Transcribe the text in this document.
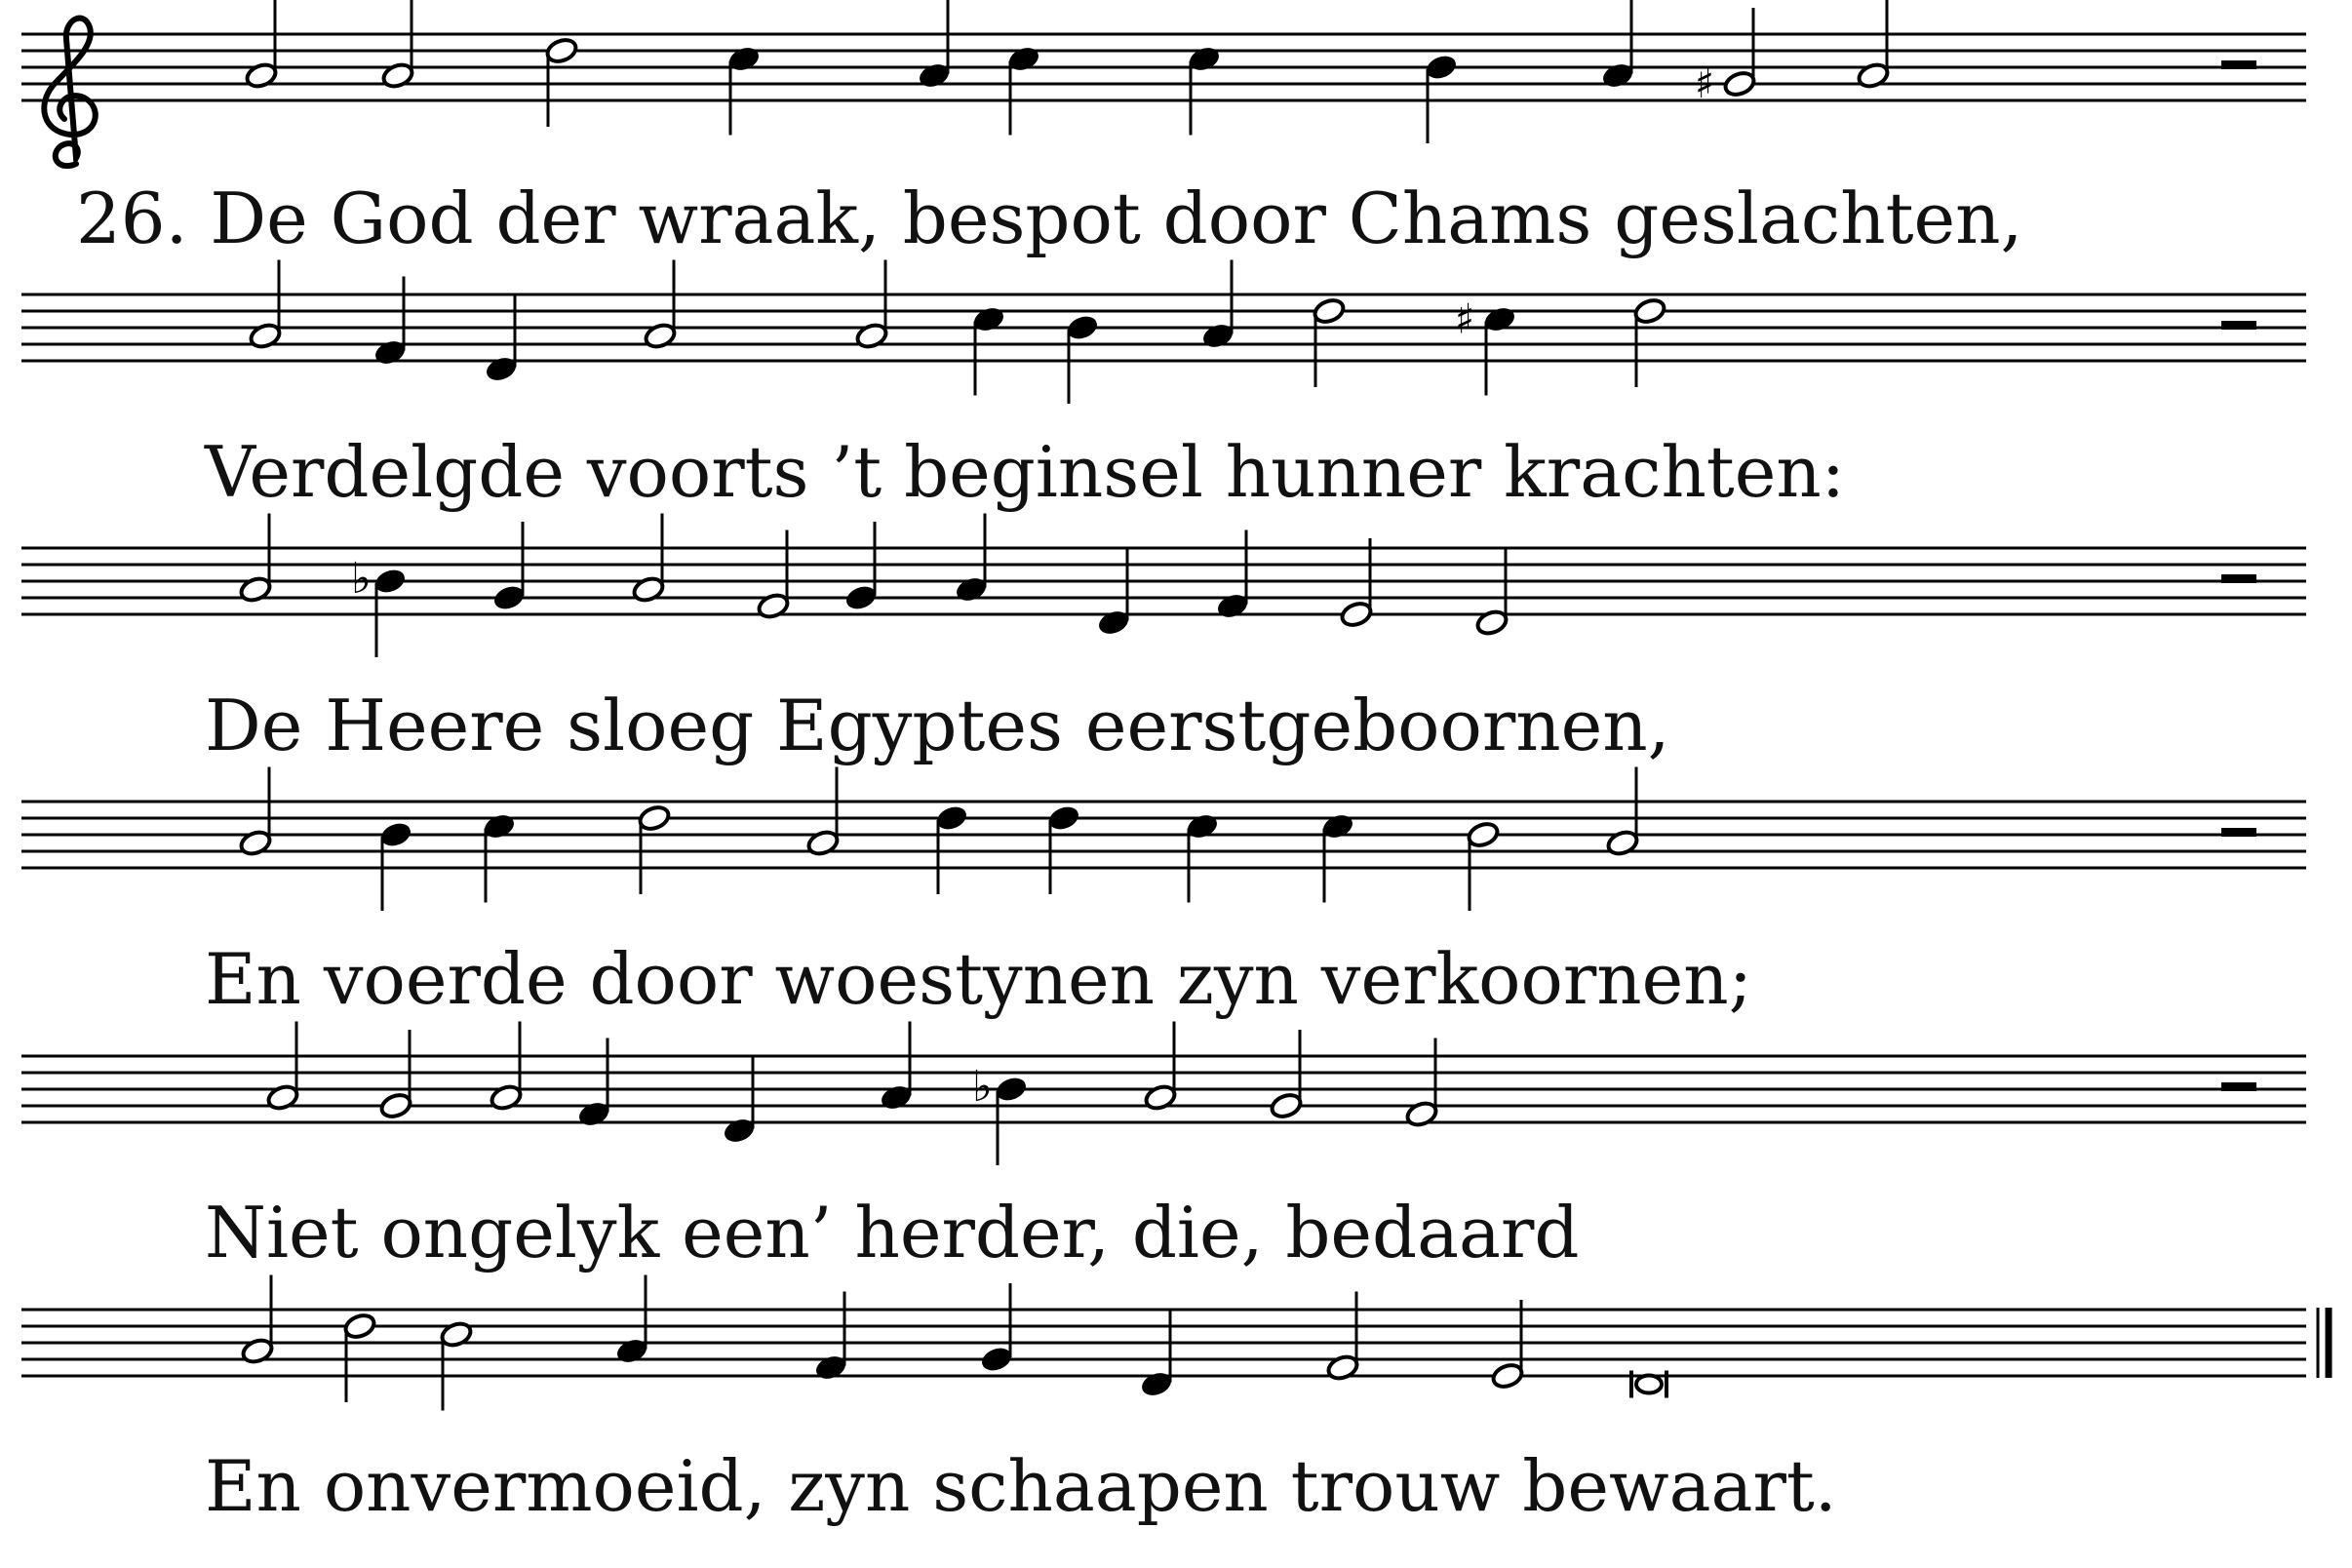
♯
♯
♭
♭
26. De God der wraak, bespot door Chams geslachten,
Verdelgde voorts ’t beginsel hunner krachten:
De Heere sloeg Egyptes eerstgeboornen,
En voerde door woestynen zyn verkoornen;
Niet ongelyk een’ herder, die, bedaard
En onvermoeid, zyn schaapen trouw bewaart.
